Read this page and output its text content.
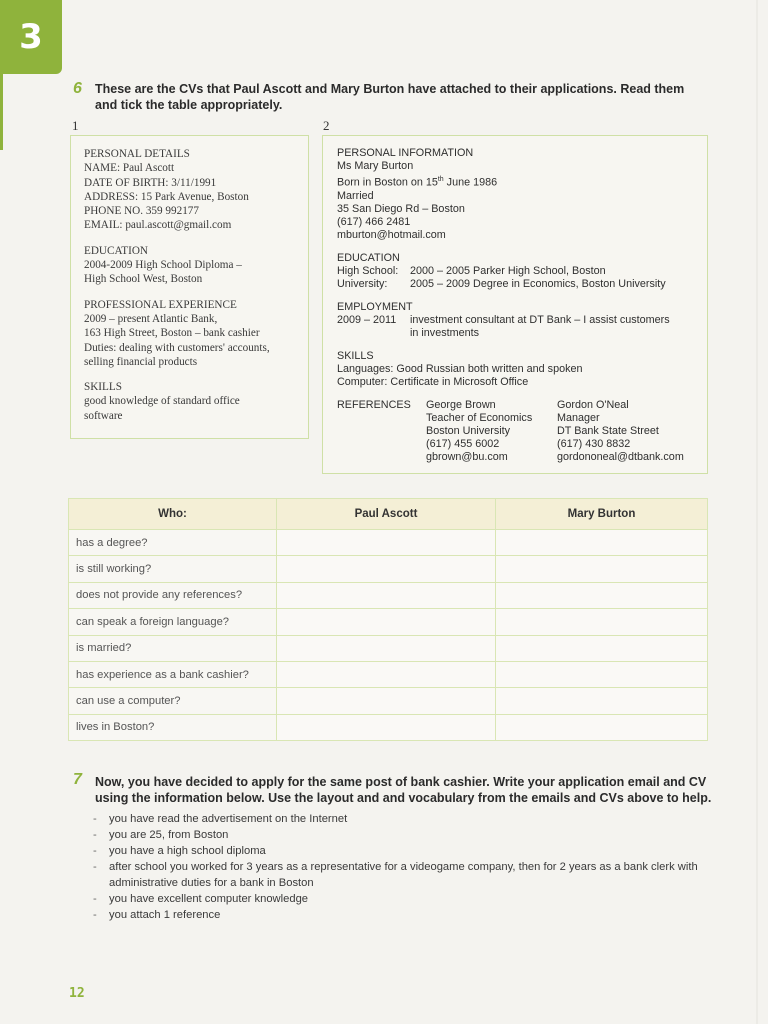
3
6 These are the CVs that Paul Ascott and Mary Burton have attached to their applications. Read them
and tick the table appropriately.
1	2
PERSONAL DETAILS
NAME: Paul Ascott
DATE OF BIRTH: 3/11/1991
ADDRESS: 15 Park Avenue, Boston
PHONE NO. 359 992177
EMAIL: paul.ascott@gmail.com
EDUCATION
2004-2009 High School Diploma –
High School West, Boston
PROFESSIONAL EXPERIENCE
2009 – present Atlantic Bank,
163 High Street, Boston – bank cashier
Duties: dealing with customers' accounts,
selling financial products
SKILLS
good knowledge of standard office
software
PERSONAL INFORMATION
Ms Mary Burton
Born in Boston on 15th June 1986
Married
35 San Diego Rd – Boston
(617) 466 2481
mburton@hotmail.com
EDUCATION
High School:	2000 – 2005 Parker High School, Boston
University:	2005 – 2009 Degree in Economics, Boston University
EMPLOYMENT
2009 – 2011	investment consultant at DT Bank – I assist customers
in investments
SKILLS
Languages: Good Russian both written and spoken
Computer: Certificate in Microsoft Office
REFERENCES	George Brown
Teacher of Economics
Boston University
(617) 455 6002
gbrown@bu.com
Gordon O'Neal
Manager
DT Bank State Street
(617) 430 8832
gordononeal@dtbank.com
Who:	Paul Ascott	Mary Burton
has a degree?		
is still working?		
does not provide any references?		
can speak a foreign language?		
is married?		
has experience as a bank cashier?		
can use a computer?		
lives in Boston?		
7 Now, you have decided to apply for the same post of bank cashier. Write your application email and CV
using the information below. Use the layout and and vocabulary from the emails and CVs above to help.
- you have read the advertisement on the Internet
- you are 25, from Boston
- you have a high school diploma
- after school you worked for 3 years as a representative for a videogame company, then for 2 years as a bank clerk with administrative duties for a bank in Boston
- you have excellent computer knowledge
- you attach 1 reference
12
